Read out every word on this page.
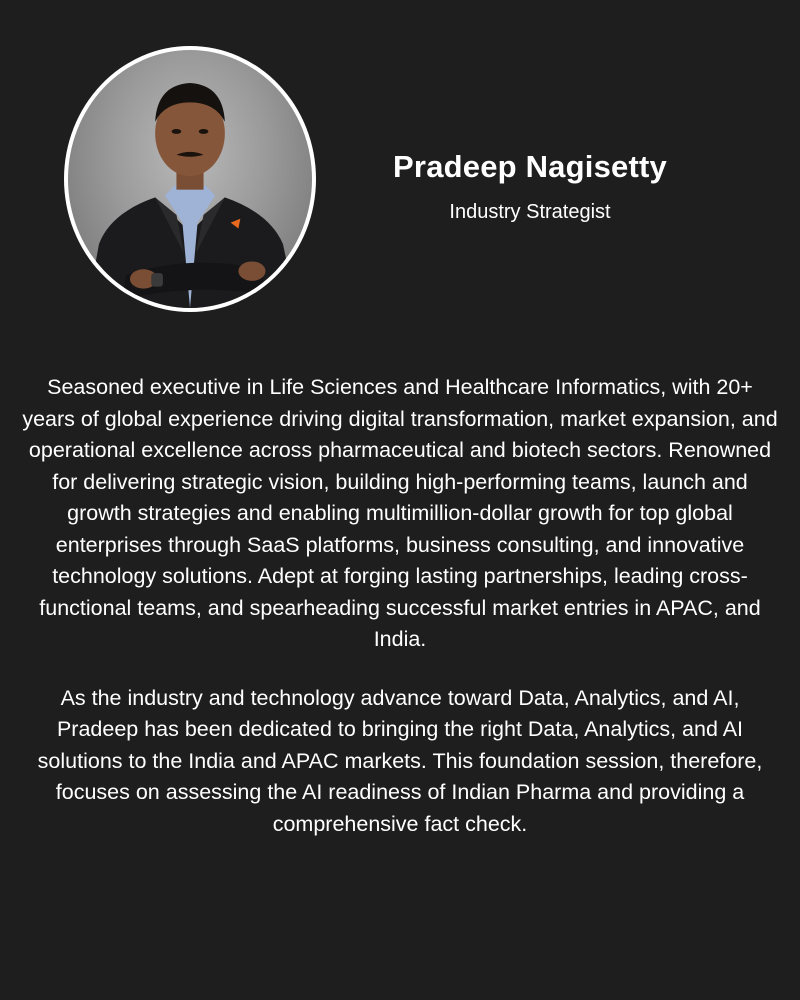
Pradeep Nagisetty
Industry Strategist

Seasoned executive in Life Sciences and Healthcare Informatics, with 20+ years of global experience driving digital transformation, market expansion, and operational excellence across pharmaceutical and biotech sectors. Renowned for delivering strategic vision, building high-performing teams, launch and growth strategies and enabling multimillion-dollar growth for top global enterprises through SaaS platforms, business consulting, and innovative technology solutions. Adept at forging lasting partnerships, leading cross-functional teams, and spearheading successful market entries in APAC, and India.

As the industry and technology advance toward Data, Analytics, and AI, Pradeep has been dedicated to bringing the right Data, Analytics, and AI solutions to the India and APAC markets. This foundation session, therefore, focuses on assessing the AI readiness of Indian Pharma and providing a comprehensive fact check.
